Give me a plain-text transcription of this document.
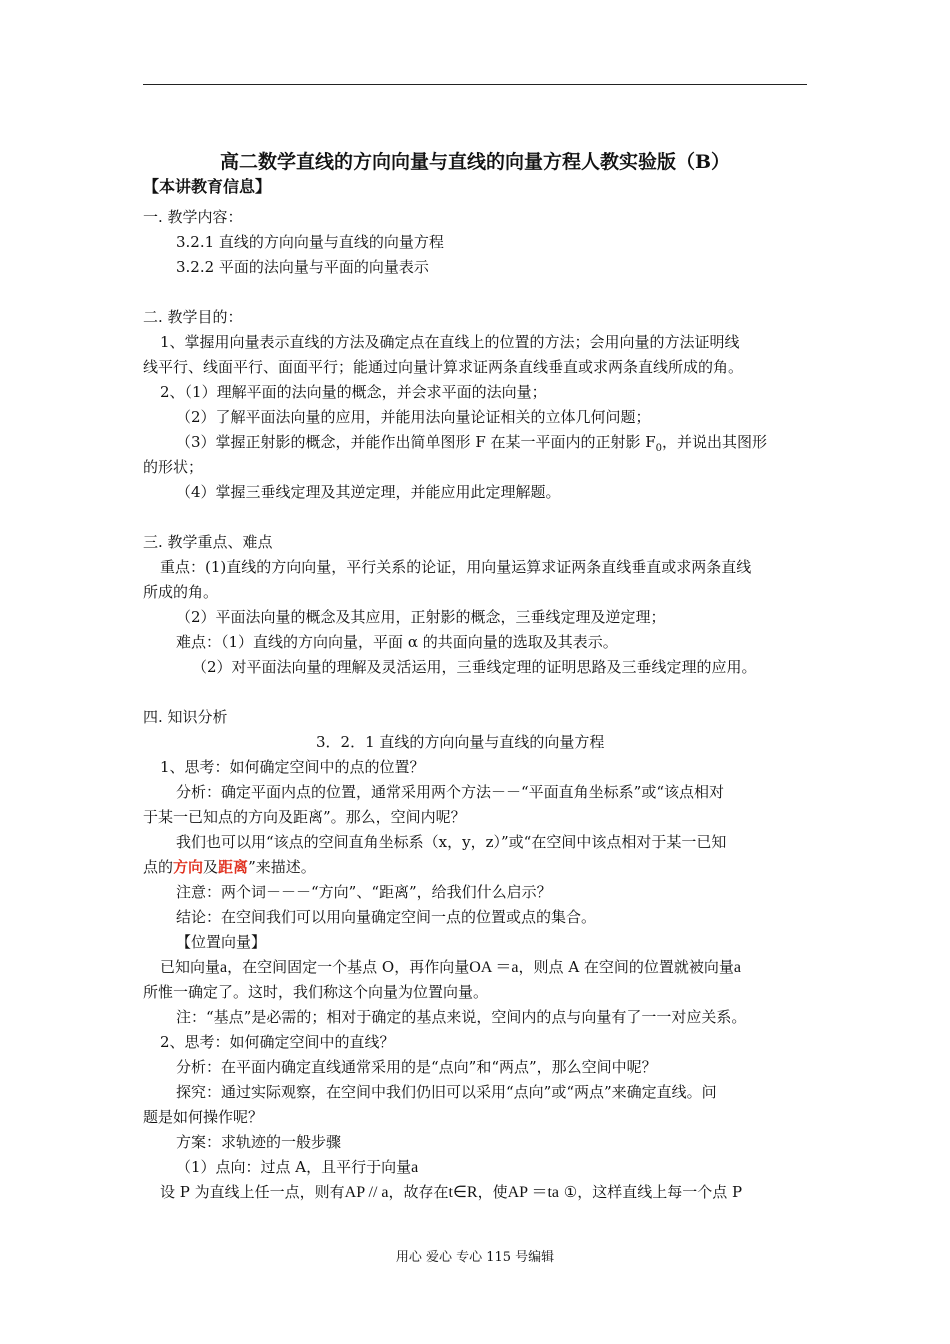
高二数学直线的方向向量与直线的向量方程人教实验版（B）
【本讲教育信息】
一. 教学内容：
3.2.1 直线的方向向量与直线的向量方程
3.2.2 平面的法向量与平面的向量表示
二. 教学目的：
1、掌握用向量表示直线的方法及确定点在直线上的位置的方法；会用向量的方法证明线
线平行、线面平行、面面平行；能通过向量计算求证两条直线垂直或求两条直线所成的角。
2、（1）理解平面的法向量的概念，并会求平面的法向量；
（2）了解平面法向量的应用，并能用法向量论证相关的立体几何问题；
（3）掌握正射影的概念，并能作出简单图形 F 在某一平面内的正射影 $F_0$，并说出其图形
的形状；
（4）掌握三垂线定理及其逆定理，并能应用此定理解题。
三. 教学重点、难点
重点：(1)直线的方向向量，平行关系的论证，用向量运算求证两条直线垂直或求两条直线
所成的角。
（2）平面法向量的概念及其应用，正射影的概念，三垂线定理及逆定理；
难点：（1）直线的方向向量，平面 α 的共面向量的选取及其表示。
（2）对平面法向量的理解及灵活运用，三垂线定理的证明思路及三垂线定理的应用。
四. 知识分析
3．2．1 直线的方向向量与直线的向量方程
1、思考：如何确定空间中的点的位置？
分析：确定平面内点的位置，通常采用两个方法－－“平面直角坐标系”或“该点相对
于某一已知点的方向及距离”。那么，空间内呢？
我们也可以用“该点的空间直角坐标系（x，y，z）”或“在空间中该点相对于某一已知
点的方向及距离”来描述。
注意：两个词－－－“方向”、“距离”，给我们什么启示？
结论：在空间我们可以用向量确定空间一点的位置或点的集合。
【位置向量】
已知向量a，在空间固定一个基点 O，再作向量OA ＝a，则点 A 在空间的位置就被向量a
所惟一确定了。这时，我们称这个向量为位置向量。
注：“基点”是必需的；相对于确定的基点来说，空间内的点与向量有了一一对应关系。
2、思考：如何确定空间中的直线？
分析：在平面内确定直线通常采用的是“点向”和“两点”，那么空间中呢？
探究：通过实际观察，在空间中我们仍旧可以采用“点向”或“两点”来确定直线。问
题是如何操作呢？
方案：求轨迹的一般步骤
（1）点向：过点 A，且平行于向量a
设 P 为直线上任一点，则有AP // a，故存在t∈R，使AP ＝ta ①，这样直线上每一个点 P
用心 爱心 专心 115 号编辑
